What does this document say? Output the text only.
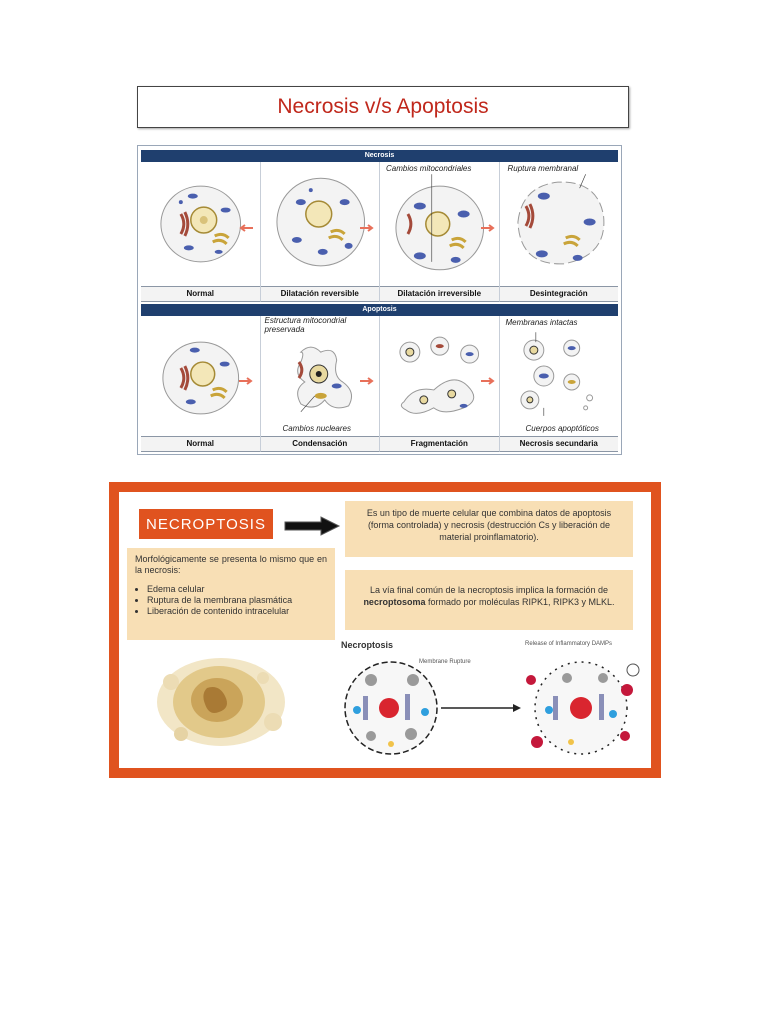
Necrosis v/s Apoptosis
Necrosis
Normal	Dilatación reversible
Cambios mitocondriales
Dilatación irreversible
Ruptura membranal
Desintegración
Apoptosis
Normal
Estructura mitocondrial preservada
Cambios nucleares
Condensación	Fragmentación
Membranas intactas
Cuerpos apoptóticos
Necrosis secundaria
NECROPTOSIS
Es un tipo de muerte celular que combina datos de apoptosis (forma controlada) y necrosis (destrucción Cs y liberación de material proinflamatorio).
La vía final común de la necroptosis implica la formación de necroptosoma formado por moléculas RIPK1, RIPK3 y MLKL.

Morfológicamente se presenta lo mismo que en la necrosis:

• Edema celular
• Ruptura de la membrana plasmática
• Liberación de contenido intracelular
Necroptosis
Membrane Rupture
Release of Inflammatory DAMPs
